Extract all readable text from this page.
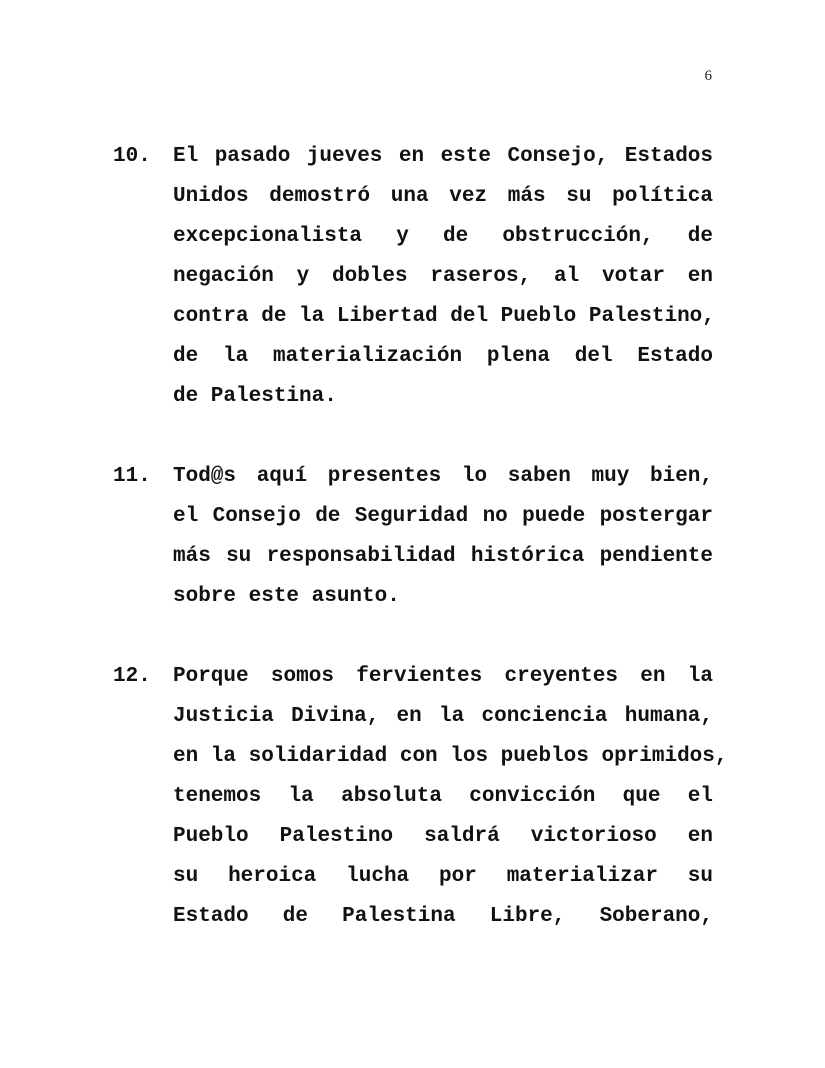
6
10. El pasado jueves en este Consejo, Estados
Unidos demostró una vez más su política
excepcionalista y de obstrucción, de
negación y dobles raseros, al votar en
contra de la Libertad del Pueblo Palestino,
de la materialización plena del Estado
de Palestina.
11. Tod@s aquí presentes lo saben muy bien,
el Consejo de Seguridad no puede postergar
más su responsabilidad histórica pendiente
sobre este asunto.
12. Porque somos fervientes creyentes en la
Justicia Divina, en la conciencia humana,
en la solidaridad con los pueblos oprimidos,
tenemos la absoluta convicción que el
Pueblo Palestino saldrá victorioso en
su heroica lucha por materializar su
Estado de Palestina Libre, Soberano,
